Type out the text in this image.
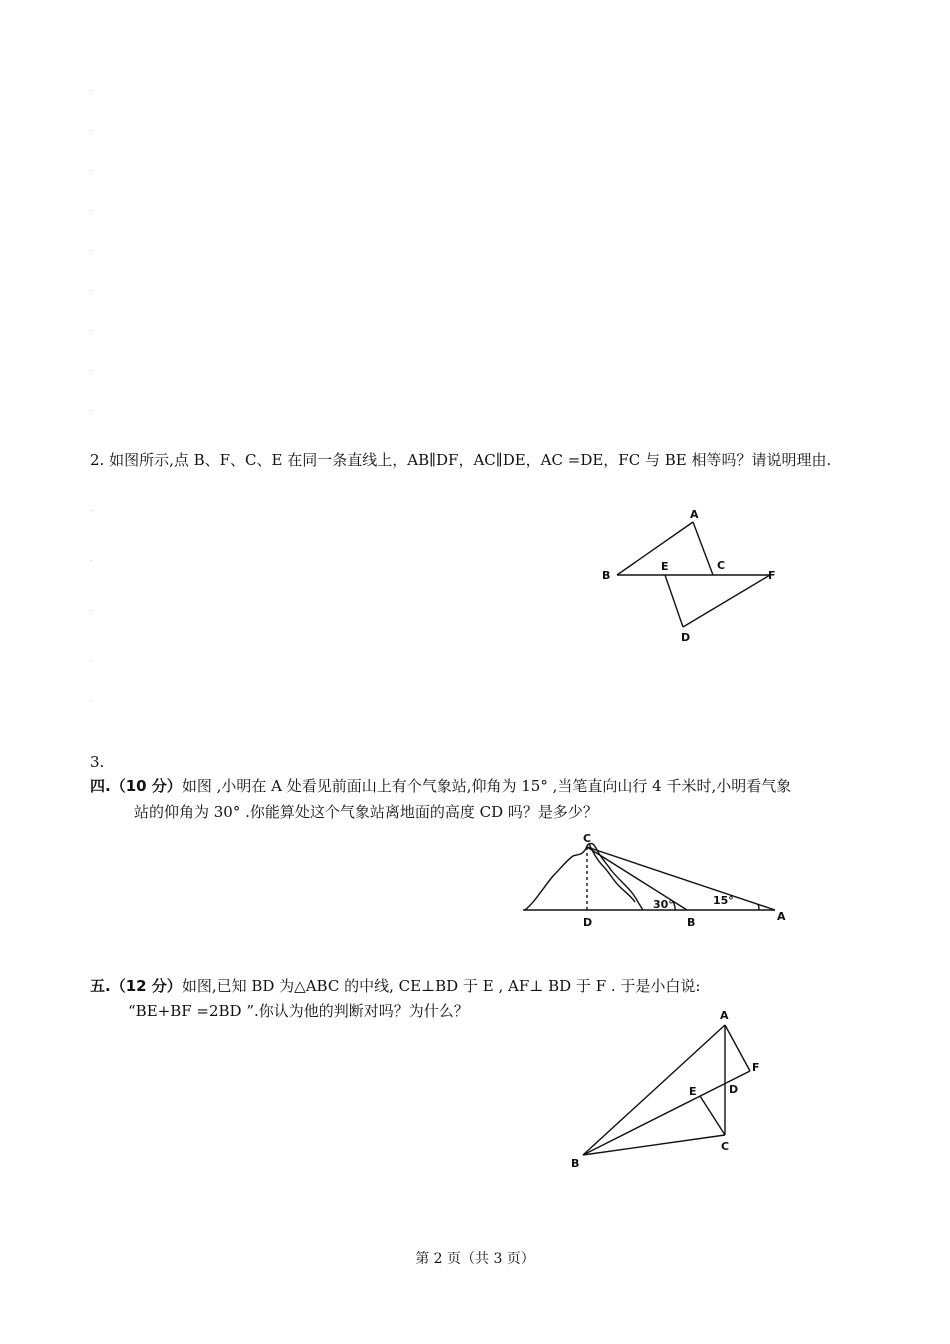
2. 如图所示,点 B、F、C、E 在同一条直线上，AB∥DF，AC∥DE，AC =DE，FC 与 BE 相等吗？请说明理由.
A
B
E	C
F
D
3.
四.（10 分）如图 ,小明在 A 处看见前面山上有个气象站,仰角为 15° ,当笔直向山行 4 千米时,小明看气象
站的仰角为 30° .你能算处这个气象站离地面的高度 CD 吗？是多少？
C
D	B	A
30°	15°
五.（12 分）如图,已知 BD 为△ABC 的中线, CE⊥BD 于 E , AF⊥ BD 于 F . 于是小白说:
“BE+BF =2BD ”.你认为他的判断对吗？为什么？	A
F
E	D
C
B
第 2 页（共 3 页）
